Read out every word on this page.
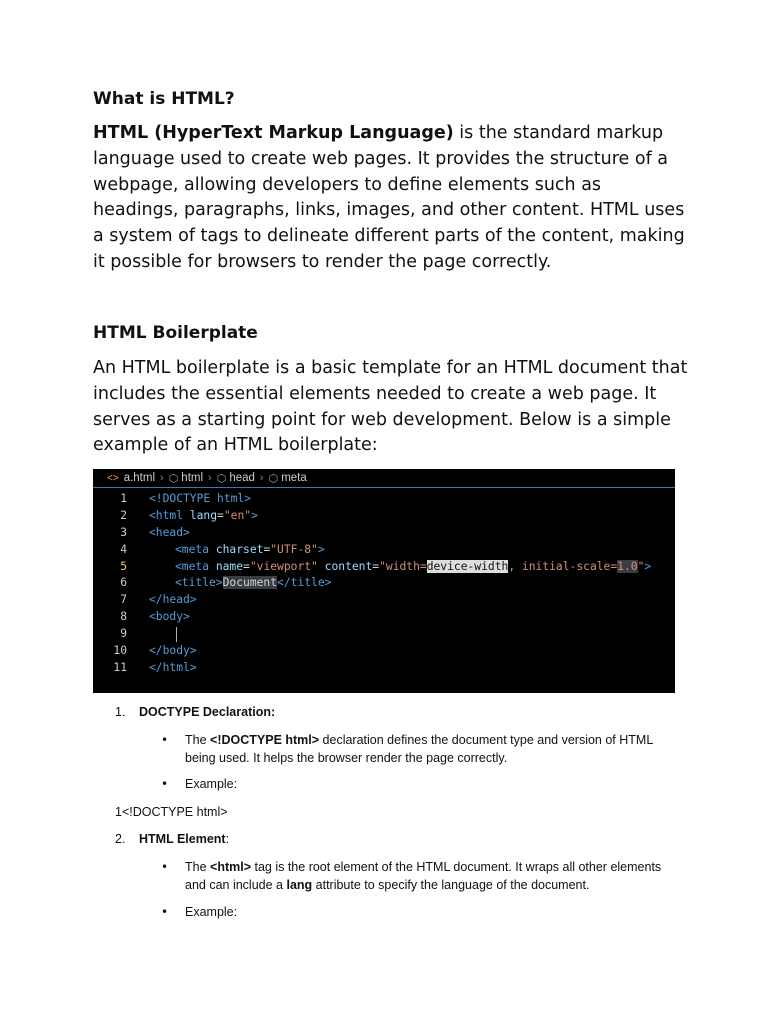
What is HTML?

HTML (HyperText Markup Language) is the standard markup language used to create web pages. It provides the structure of a webpage, allowing developers to define elements such as headings, paragraphs, links, images, and other content. HTML uses a system of tags to delineate different parts of the content, making it possible for browsers to render the page correctly.

HTML Boilerplate

An HTML boilerplate is a basic template for an HTML document that includes the essential elements needed to create a web page. It serves as a starting point for web development. Below is a simple example of an HTML boilerplate:

<> a.html › ⬡ html › ⬡ head › ⬡ meta
1 <!DOCTYPE html>
2 <html lang="en">
3 <head>
4	<meta charset="UTF-8">
5	<meta name="viewport" content="width=device-width, initial-scale=1.0">
6	<title>Document</title>
7 </head>
8 <body>
9
10 </body>
11 </html>
1. DOCTYPE Declaration:
• The <!DOCTYPE html> declaration defines the document type and version of HTML being used. It helps the browser render the page correctly.
• Example:
1<!DOCTYPE html>
2. HTML Element:
• The <html> tag is the root element of the HTML document. It wraps all other elements and can include a lang attribute to specify the language of the document.
• Example:
